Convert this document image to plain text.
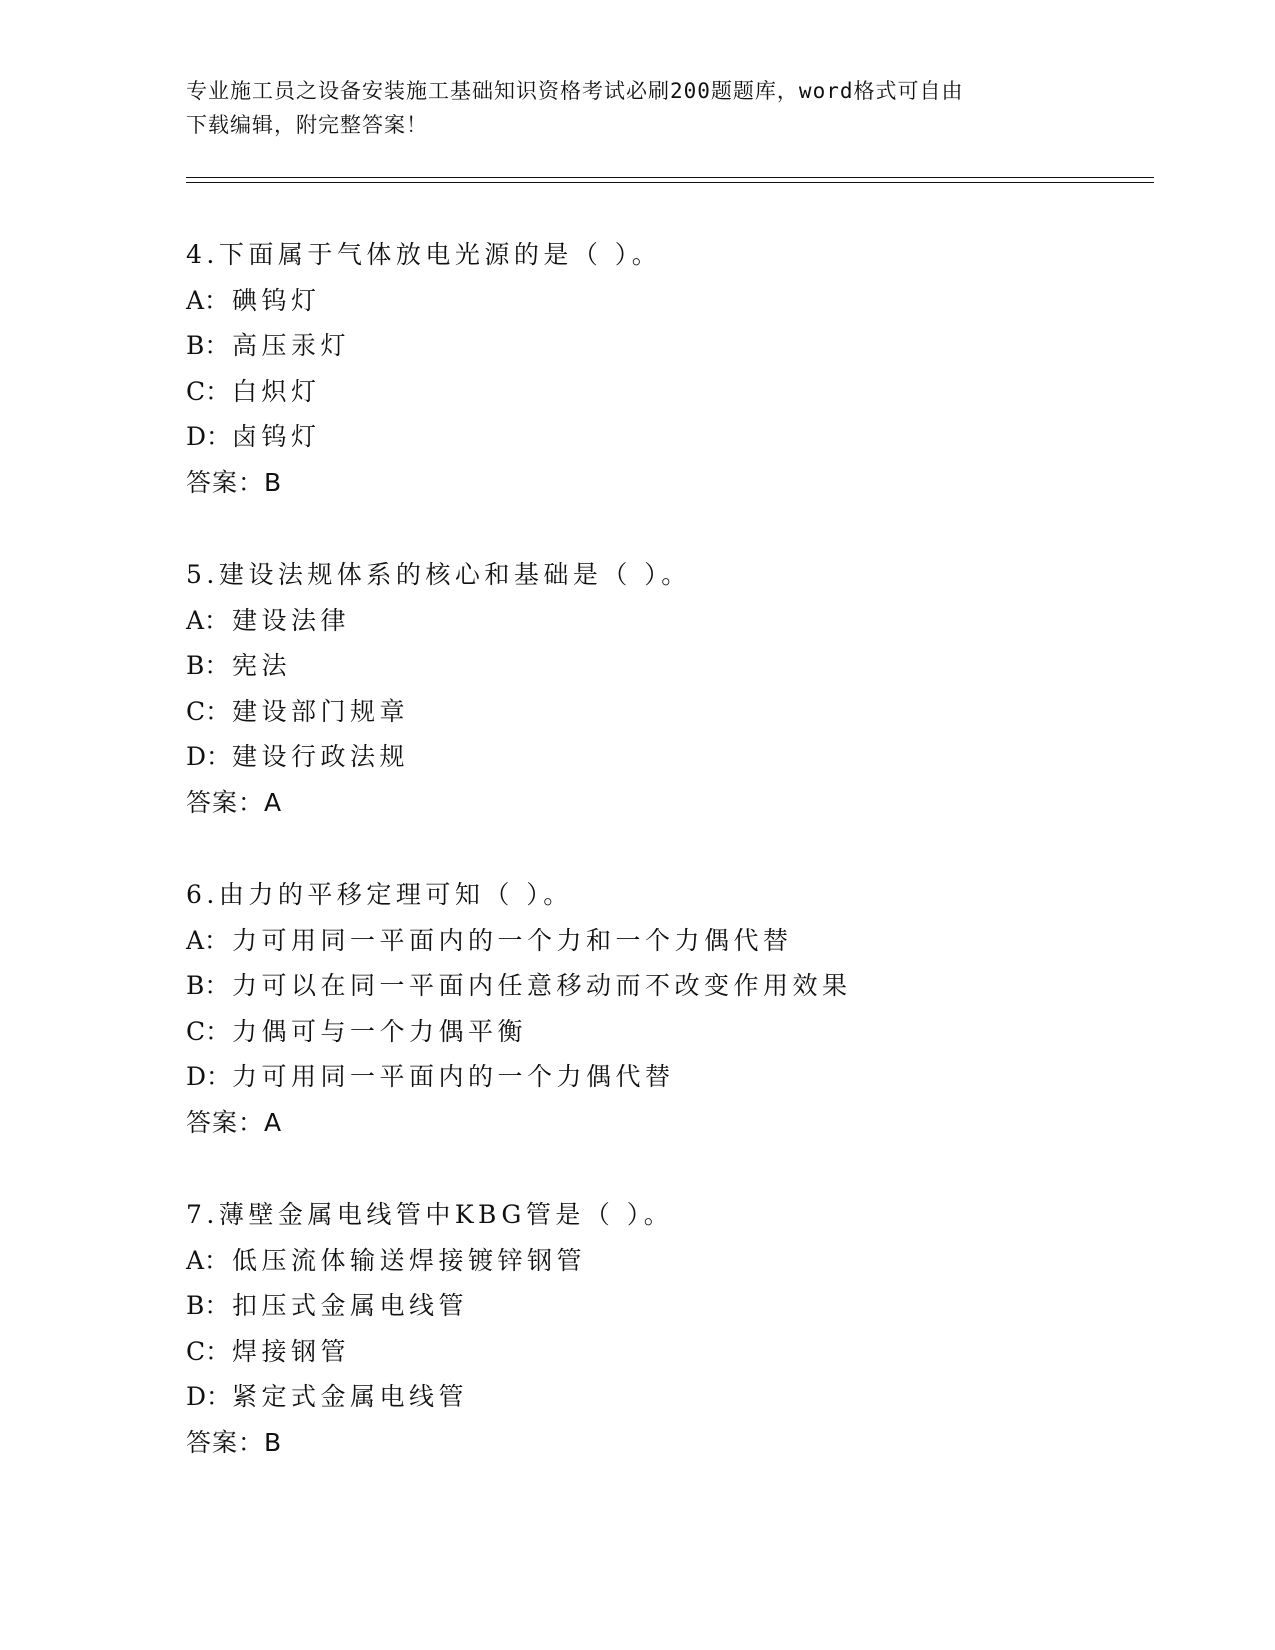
专业施工员之设备安装施工基础知识资格考试必刷200题题库，word格式可自由
下载编辑，附完整答案！
4.下面属于气体放电光源的是（ ）。
A： 碘钨灯
B： 高压汞灯
C：白炽灯
D：卤钨灯
答案：B
5.建设法规体系的核心和基础是（ ）。
A： 建设法律
B： 宪法
C：建设部门规章
D：建设行政法规
答案：A
6.由力的平移定理可知（ ）。
A： 力可用同一平面内的一个力和一个力偶代替
B： 力可以在同一平面内任意移动而不改变作用效果
C：力偶可与一个力偶平衡
D：力可用同一平面内的一个力偶代替
答案：A
7.薄壁金属电线管中KBG管是（ ）。
A： 低压流体输送焊接镀锌钢管
B： 扣压式金属电线管
C：焊接钢管
D：紧定式金属电线管
答案：B
